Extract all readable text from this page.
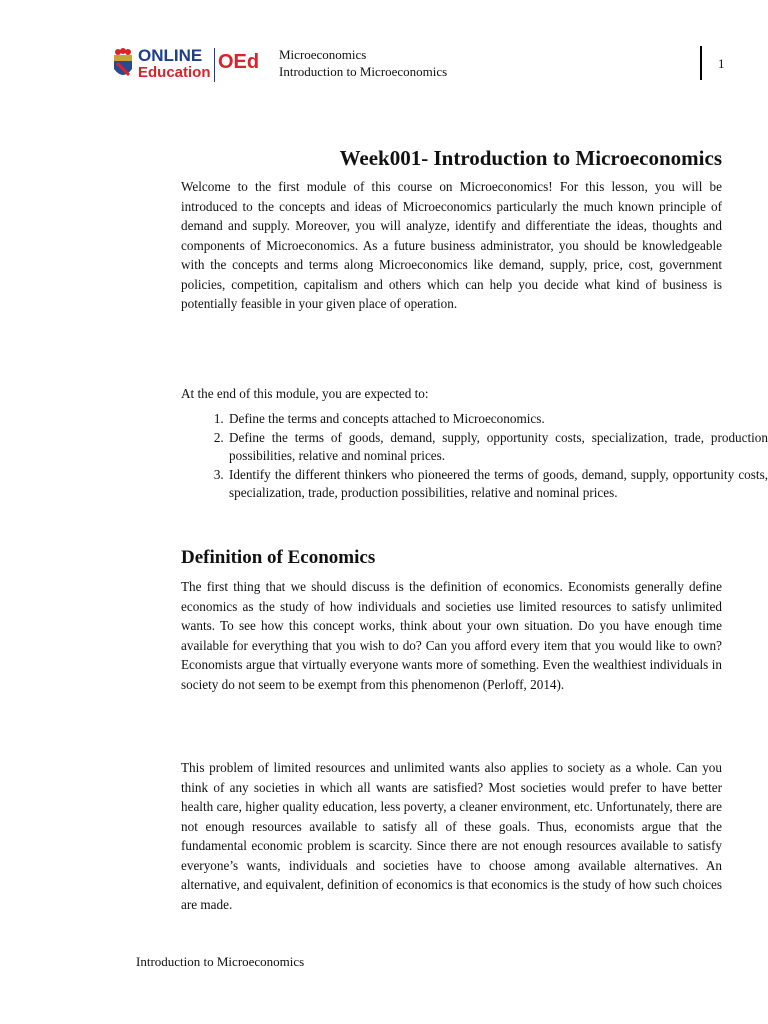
ONLINE
Education OEd Microeconomics
Introduction to Microeconomics
1
Week001- Introduction to Microeconomics

Welcome to the first module of this course on Microeconomics! For this lesson, you will be introduced to the concepts and ideas of Microeconomics particularly the much known principle of demand and supply. Moreover, you will analyze, identify and differentiate the ideas, thoughts and components of Microeconomics. As a future business administrator, you should be knowledgeable with the concepts and terms along Microeconomics like demand, supply, price, cost, government policies, competition, capitalism and others which can help you decide what kind of business is potentially feasible in your given place of operation.

At the end of this module, you are expected to:

1. Define the terms and concepts attached to Microeconomics.
2. Define the terms of goods, demand, supply, opportunity costs, specialization, trade, production possibilities, relative and nominal prices.
3. Identify the different thinkers who pioneered the terms of goods, demand, supply, opportunity costs, specialization, trade, production possibilities, relative and nominal prices.
Definition of Economics

The first thing that we should discuss is the definition of economics. Economists generally define economics as the study of how individuals and societies use limited resources to satisfy unlimited wants. To see how this concept works, think about your own situation. Do you have enough time available for everything that you wish to do? Can you afford every item that you would like to own? Economists argue that virtually everyone wants more of something. Even the wealthiest individuals in society do not seem to be exempt from this phenomenon (Perloff, 2014).

This problem of limited resources and unlimited wants also applies to society as a whole. Can you think of any societies in which all wants are satisfied? Most societies would prefer to have better health care, higher quality education, less poverty, a cleaner environment, etc. Unfortunately, there are not enough resources available to satisfy all of these goals. Thus, economists argue that the fundamental economic problem is scarcity. Since there are not enough resources available to satisfy everyone’s wants, individuals and societies have to choose among available alternatives. An alternative, and equivalent, definition of economics is that economics is the study of how such choices are made.

Introduction to Microeconomics
